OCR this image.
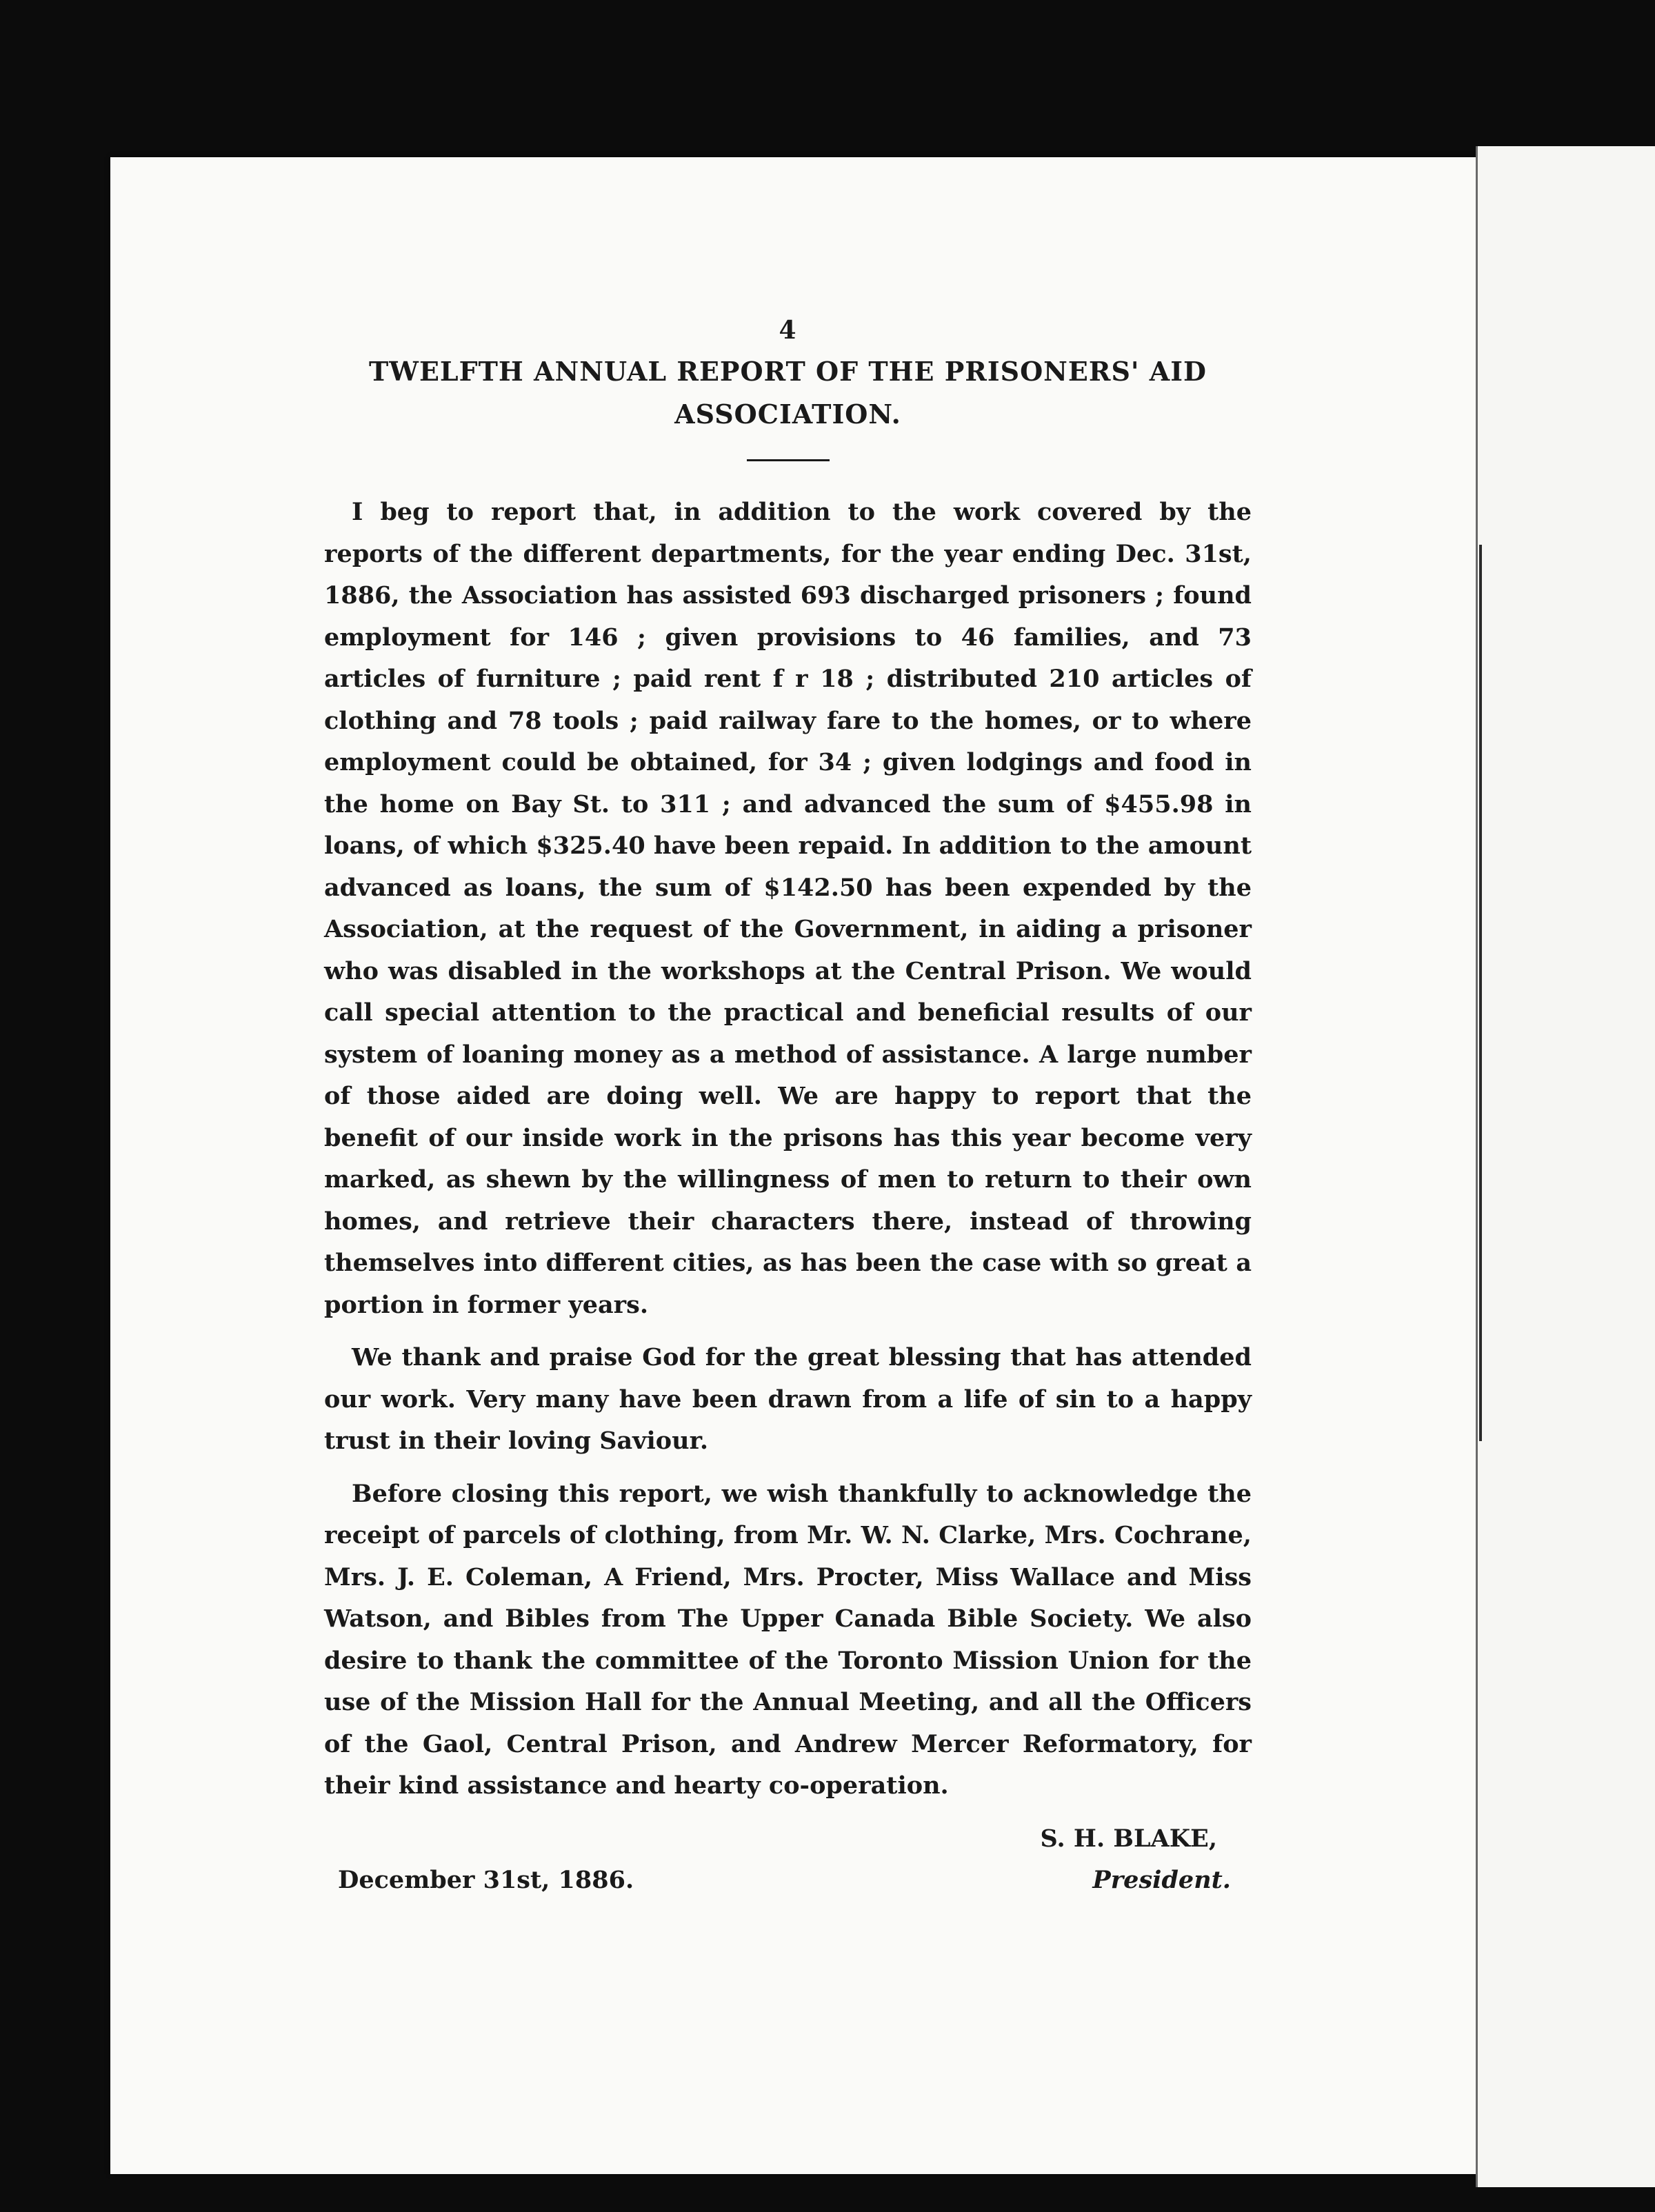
4
TWELFTH ANNUAL REPORT OF THE PRISONERS' AID ASSOCIATION.

I beg to report that, in addition to the work covered by the reports of the different departments, for the year ending Dec. 31st, 1886, the Association has assisted 693 discharged prisoners ; found employment for 146 ; given provisions to 46 families, and 73 articles of furniture ; paid rent f r 18 ; distributed 210 articles of clothing and 78 tools ; paid railway fare to the homes, or to where employment could be obtained, for 34 ; given lodgings and food in the home on Bay St. to 311 ; and advanced the sum of $455.98 in loans, of which $325.40 have been repaid. In addition to the amount advanced as loans, the sum of $142.50 has been expended by the Association, at the request of the Government, in aiding a prisoner who was disabled in the workshops at the Central Prison. We would call special attention to the practical and beneficial results of our system of loaning money as a method of assistance. A large number of those aided are doing well. We are happy to report that the benefit of our inside work in the prisons has this year become very marked, as shewn by the willingness of men to return to their own homes, and retrieve their characters there, instead of throwing themselves into different cities, as has been the case with so great a portion in former years.

We thank and praise God for the great blessing that has attended our work. Very many have been drawn from a life of sin to a happy trust in their loving Saviour.

Before closing this report, we wish thankfully to acknowledge the receipt of parcels of clothing, from Mr. W. N. Clarke, Mrs. Cochrane, Mrs. J. E. Coleman, A Friend, Mrs. Procter, Miss Wallace and Miss Watson, and Bibles from The Upper Canada Bible Society. We also desire to thank the committee of the Toronto Mission Union for the use of the Mission Hall for the Annual Meeting, and all the Officers of the Gaol, Central Prison, and Andrew Mercer Reformatory, for their kind assistance and hearty co-operation.

S. H. BLAKE,
President.
December 31st, 1886.
